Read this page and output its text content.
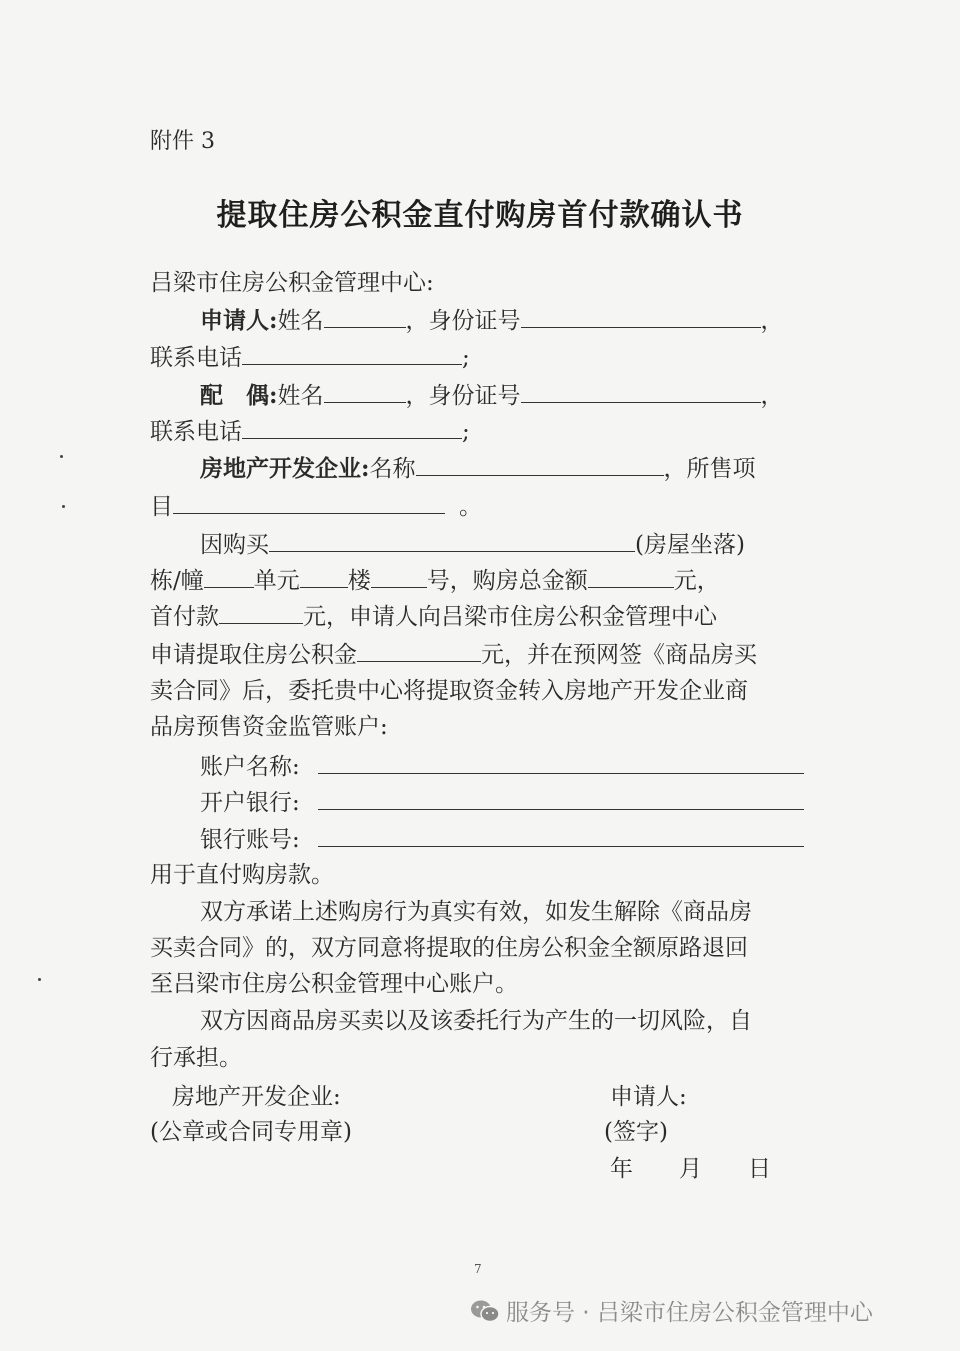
附件 3
提取住房公积金直付购房首付款确认书
吕梁市住房公积金管理中心:
申请人:姓名	，身份证号	，
联系电话	;
配　偶:姓名	，身份证号	，
联系电话	;
房地产开发企业:名称	，所售项
目	。
因购买	(房屋坐落)
栋/幢 单元 楼 号，购房总金额	元，
首付款	元，申请人向吕梁市住房公积金管理中心
申请提取住房公积金	元，并在预网签《商品房买
卖合同》后，委托贵中心将提取资金转入房地产开发企业商
品房预售资金监管账户:
账户名称:
开户银行:
银行账号:
用于直付购房款。
双方承诺上述购房行为真实有效，如发生解除《商品房
买卖合同》的，双方同意将提取的住房公积金全额原路退回
至吕梁市住房公积金管理中心账户。
双方因商品房买卖以及该委托行为产生的一切风险，自
行承担。
房地产开发企业:
(公章或合同专用章)
申请人:
(签字)
年　　月　　日
7
服务号 · 吕梁市住房公积金管理中心
